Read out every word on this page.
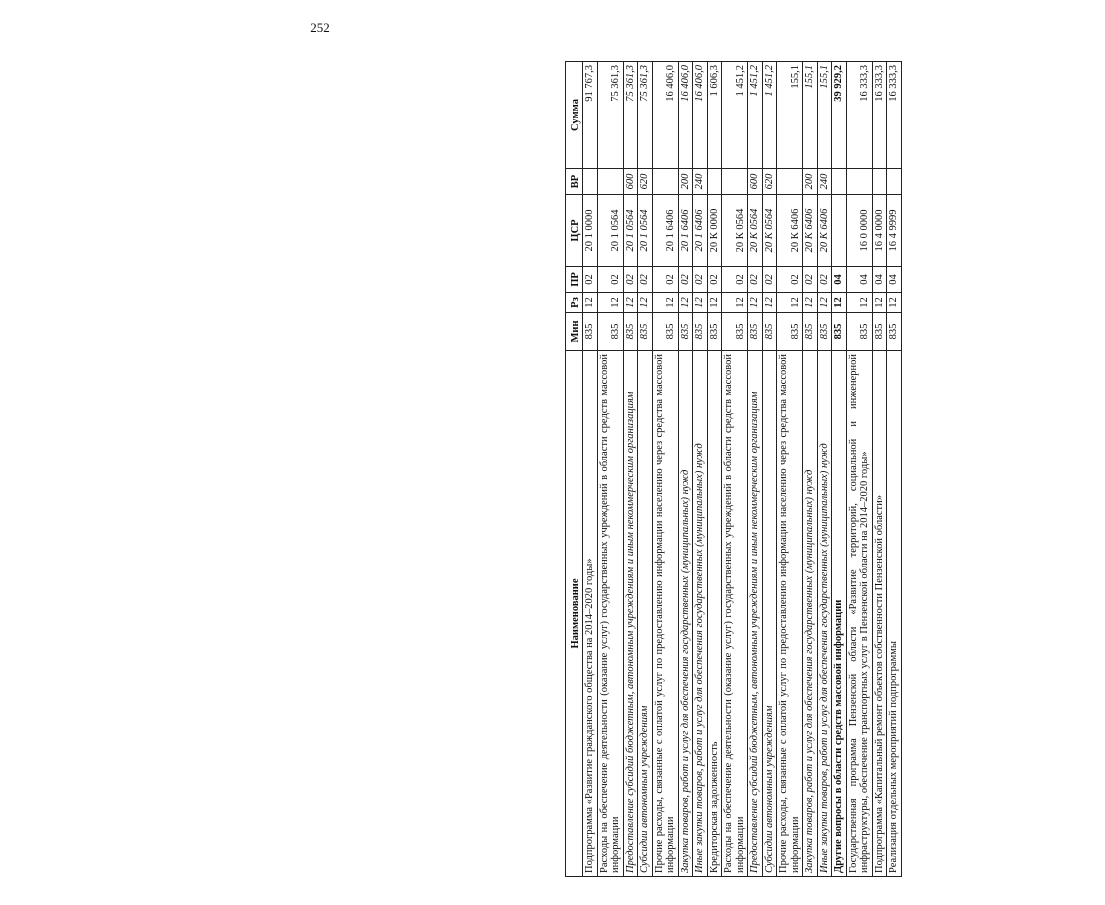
252
Наименование	Мин	Рз	ПР	ЦСР	ВР	Сумма
Подпрограмма «Развитие гражданского общества на 2014–2020 годы»	835	12	02	20 1 0000		91 767,3
Расходы на обеспечение деятельности (оказание услуг) государственных учреждений в области средств массовой информации	835	12	02	20 1 0564		75 361,3
Предоставление субсидий бюджетным, автономным учреждениям и иным некоммерческим организациям	835	12	02	20 1 0564	600	75 361,3
Субсидии автономным учреждениям	835	12	02	20 1 0564	620	75 361,3
Прочие расходы, связанные с оплатой услуг по предоставлению информации населению через средства массовой информации	835	12	02	20 1 6406		16 406,0
Закупка товаров, работ и услуг для обеспечения государственных (муниципальных) нужд	835	12	02	20 1 6406	200	16 406,0
Иные закупки товаров, работ и услуг для обеспечения государственных (муниципальных) нужд	835	12	02	20 1 6406	240	16 406,0
Кредиторская задолженность	835	12	02	20 К 0000		1 606,3
Расходы на обеспечение деятельности (оказание услуг) государственных учреждений в области средств массовой информации	835	12	02	20 К 0564		1 451,2
Предоставление субсидий бюджетным, автономным учреждениям и иным некоммерческим организациям	835	12	02	20 К 0564	600	1 451,2
Субсидии автономным учреждениям	835	12	02	20 К 0564	620	1 451,2
Прочие расходы, связанные с оплатой услуг по предоставлению информации населению через средства массовой информации	835	12	02	20 К 6406		155,1
Закупка товаров, работ и услуг для обеспечения государственных (муниципальных) нужд	835	12	02	20 К 6406	200	155,1
Иные закупки товаров, работ и услуг для обеспечения государственных (муниципальных) нужд	835	12	02	20 К 6406	240	155,1
Другие вопросы в области средств массовой информации	835	12	04			39 929,2
Государственная программа Пензенской области «Развитие территорий, социальной и инженерной инфраструктуры, обеспечение транспортных услуг в Пензенской области на 2014–2020 годы»	835	12	04	16 0 0000		16 333,3
Подпрограмма «Капитальный ремонт объектов собственности Пензенской области»	835	12	04	16 4 0000		16 333,3
Реализация отдельных мероприятий подпрограммы	835	12	04	16 4 9999		16 333,3
